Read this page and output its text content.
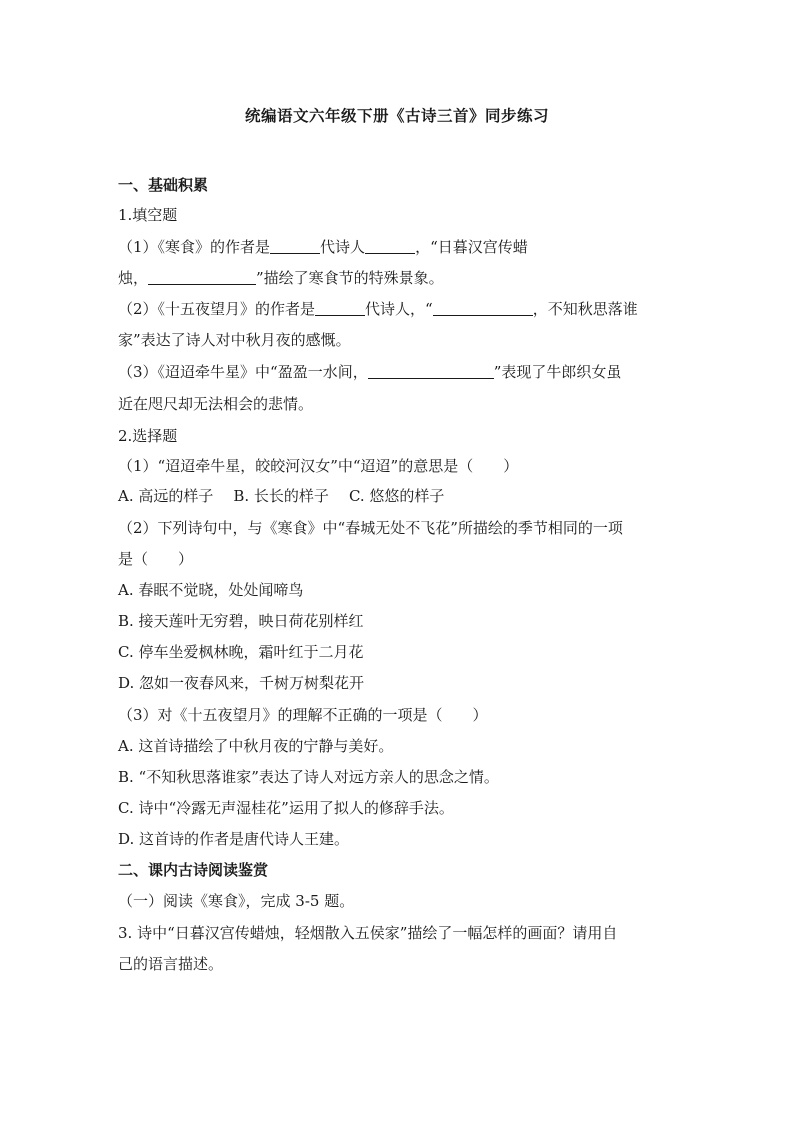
统编语文六年级下册《古诗三首》同步练习
一、基础积累
1.填空题
（1）《寒食》的作者是	代诗人	，“日暮汉宫传蜡
烛，	”描绘了寒食节的特殊景象。
（2）《十五夜望月》的作者是	代诗人，“	，不知秋思落谁
家”表达了诗人对中秋月夜的感慨。
（3）《迢迢牵牛星》中“盈盈一水间，	”表现了牛郎织女虽
近在咫尺却无法相会的悲情。
2.选择题
（1）“迢迢牵牛星，皎皎河汉女”中“迢迢”的意思是（　　）
A. 高远的样子 B. 长长的样子 C. 悠悠的样子
（2）下列诗句中，与《寒食》中“春城无处不飞花”所描绘的季节相同的一项
是（　　）
A. 春眠不觉晓，处处闻啼鸟
B. 接天莲叶无穷碧，映日荷花别样红
C. 停车坐爱枫林晚，霜叶红于二月花
D. 忽如一夜春风来，千树万树梨花开
（3）对《十五夜望月》的理解不正确的一项是（　　）
A. 这首诗描绘了中秋月夜的宁静与美好。
B. “不知秋思落谁家”表达了诗人对远方亲人的思念之情。
C. 诗中“冷露无声湿桂花”运用了拟人的修辞手法。
D. 这首诗的作者是唐代诗人王建。
二、课内古诗阅读鉴赏
（一）阅读《寒食》，完成 3-5 题。
3. 诗中“日暮汉宫传蜡烛，轻烟散入五侯家”描绘了一幅怎样的画面？请用自
己的语言描述。
